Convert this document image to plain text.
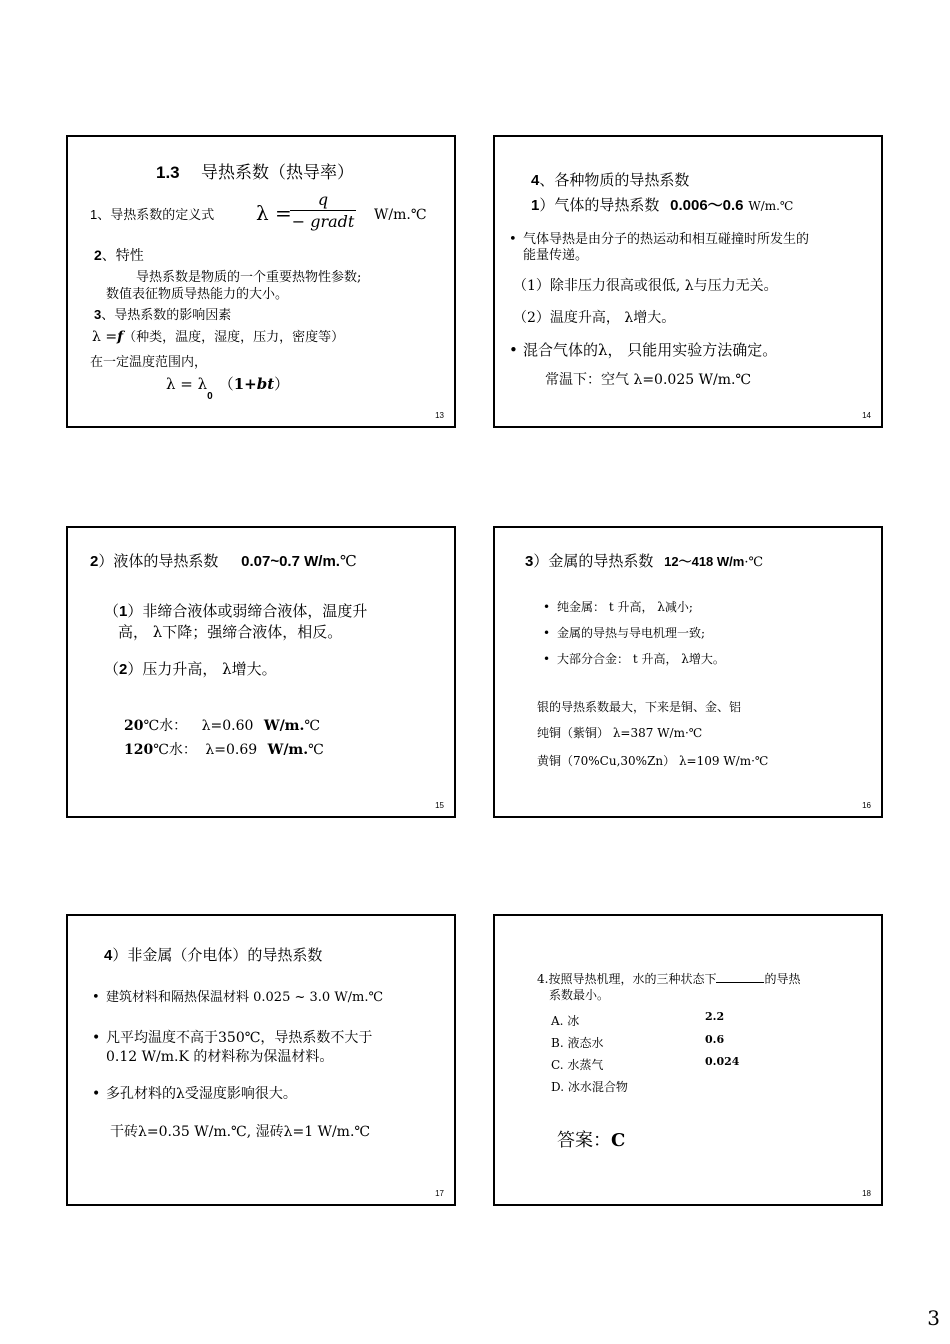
1.3 导热系数（热导率）
1、导热系数的定义式 λ =
q
− gradt W/m.℃
2、特性
导热系数是物质的一个重要热物性参数;
数值表征物质导热能力的大小。
3、导热系数的影响因素
λ =f（种类，温度，湿度，压力，密度等）
在一定温度范围内，
$\lambda = \lambda_0(1+bt)$
13
4、各种物质的导热系数
1）气体的导热系数 0.006～0.6 W/m.℃
• 气体导热是由分子的热运动和相互碰撞时所发生的
能量传递。
（1）除非压力很高或很低, λ与压力无关。
（2）温度升高， λ增大。
• 混合气体的λ， 只能用实验方法确定。
常温下：空气 λ=0.025 W/m.℃
14
2）液体的导热系数 0.07~0.7 W/m.℃
（1）非缔合液体或弱缔合液体，温度升
高， λ下降；强缔合液体，相反。
（2）压力升高， λ增大。
20℃水： λ=0.60 W/m.℃
120℃水： λ=0.69 W/m.℃
15
3）金属的导热系数 12～418 W/m·℃
• 纯金属： t 升高， λ减小;
• 金属的导热与导电机理一致;
• 大部分合金： t 升高， λ增大。
银的导热系数最大，下来是铜、金、铝
纯铜（紫铜） λ=387 W/m·℃
黄铜（70%Cu,30%Zn） λ=109 W/m·℃
16
4）非金属（介电体）的导热系数
• 建筑材料和隔热保温材料 0.025 ~ 3.0 W/m.℃
• 凡平均温度不高于350℃，导热系数不大于
0.12 W/m.K 的材料称为保温材料。
• 多孔材料的λ受湿度影响很大。
干砖λ=0.35 W/m.℃, 湿砖λ=1 W/m.℃
17
4.按照导热机理，水的三种状态下	的导热
系数最小。
A. 冰	2.2
B. 液态水	0.6
C. 水蒸气	0.024
D. 冰水混合物
答案：C
18
3
